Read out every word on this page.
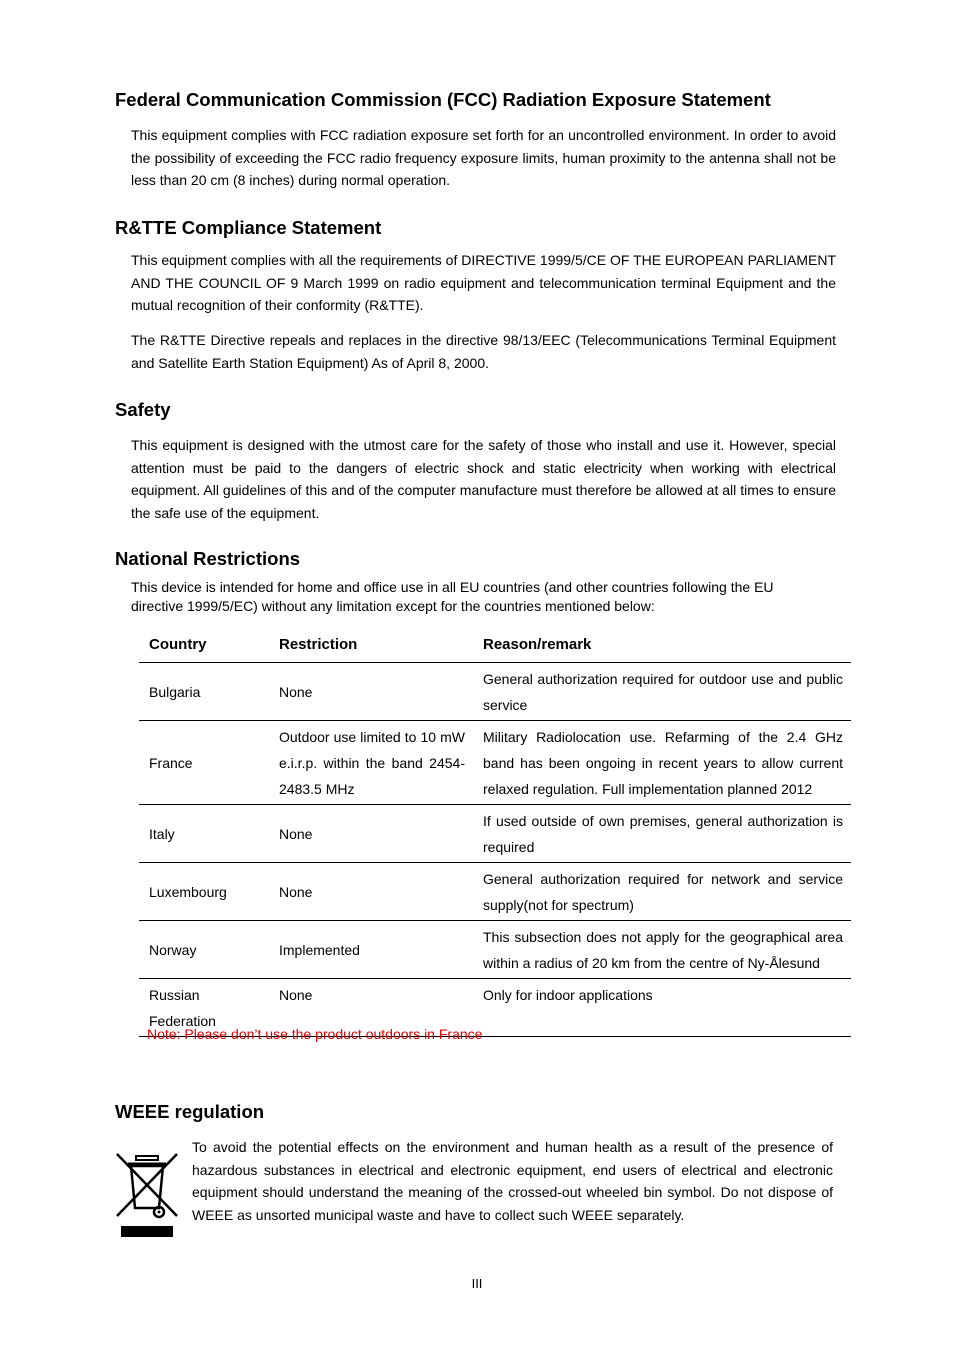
Federal Communication Commission (FCC) Radiation Exposure Statement

This equipment complies with FCC radiation exposure set forth for an uncontrolled environment. In order to avoid the possibility of exceeding the FCC radio frequency exposure limits, human proximity to the antenna shall not be less than 20 cm (8 inches) during normal operation.

R&TTE Compliance Statement

This equipment complies with all the requirements of DIRECTIVE 1999/5/CE OF THE EUROPEAN PARLIAMENT AND THE COUNCIL OF 9 March 1999 on radio equipment and telecommunication terminal Equipment and the mutual recognition of their conformity (R&TTE).

The R&TTE Directive repeals and replaces in the directive 98/13/EEC (Telecommunications Terminal Equipment and Satellite Earth Station Equipment) As of April 8, 2000.

Safety

This equipment is designed with the utmost care for the safety of those who install and use it. However, special attention must be paid to the dangers of electric shock and static electricity when working with electrical equipment. All guidelines of this and of the computer manufacture must therefore be allowed at all times to ensure the safe use of the equipment.

National Restrictions

This device is intended for home and office use in all EU countries (and other countries following the EU directive 1999/5/EC) without any limitation except for the countries mentioned below:

Country	Restriction	Reason/remark
Bulgaria	None	General authorization required for outdoor use and public service
France	Outdoor use limited to 10 mW e.i.r.p. within the band 2454-2483.5 MHz	Military Radiolocation use. Refarming of the 2.4 GHz band has been ongoing in recent years to allow current relaxed regulation. Full implementation planned 2012
Italy	None	If used outside of own premises, general authorization is required
Luxembourg	None	General authorization required for network and service supply(not for spectrum)
Norway	Implemented	This subsection does not apply for the geographical area within a radius of 20 km from the centre of Ny-Ålesund
Russian Federation	None	Only for indoor applications
Note: Please don’t use the product outdoors in France
WEEE regulation

To avoid the potential effects on the environment and human health as a result of the presence of hazardous substances in electrical and electronic equipment, end users of electrical and electronic equipment should understand the meaning of the crossed-out wheeled bin symbol. Do not dispose of WEEE as unsorted municipal waste and have to collect such WEEE separately.

III
